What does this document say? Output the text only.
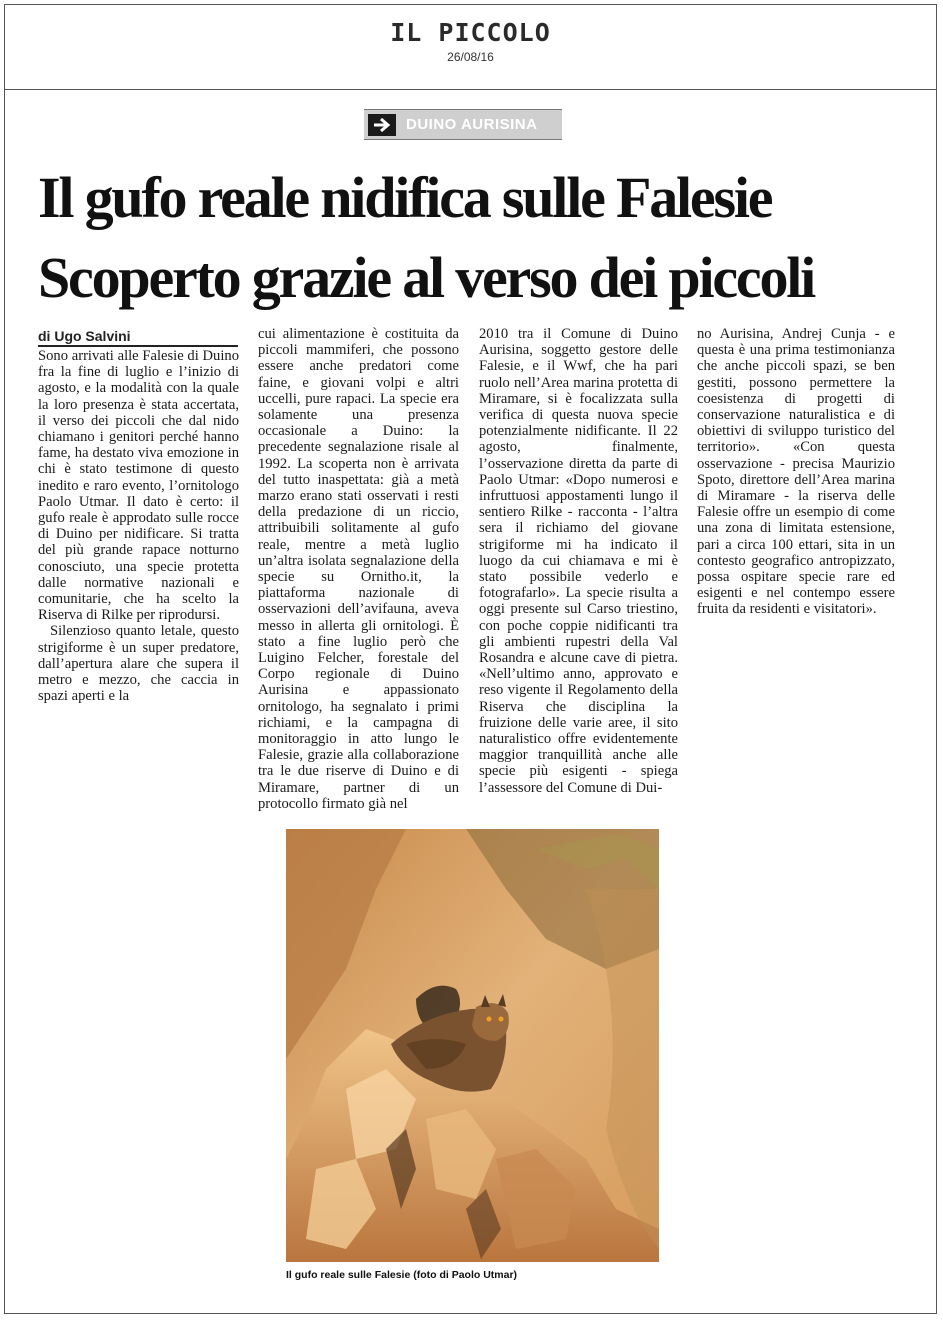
IL PICCOLO
26/08/16
DUINO AURISINA
Il gufo reale nidifica sulle Falesie
Scoperto grazie al verso dei piccoli
di Ugo Salvini

Sono arrivati alle Falesie di Duino fra la fine di luglio e l’inizio di agosto, e la modalità con la quale la loro presenza è stata accertata, il verso dei piccoli che dal nido chiamano i genitori perché hanno fame, ha destato viva emozione in chi è stato testimone di questo inedito e raro evento, l’ornitologo Paolo Utmar. Il dato è certo: il gufo reale è approdato sulle rocce di Duino per nidificare. Si tratta del più grande rapace notturno conosciuto, una specie protetta dalle normative nazionali e comunitarie, che ha scelto la Riserva di Rilke per riprodursi.

Silenzioso quanto letale, questo strigiforme è un super predatore, dall’apertura alare che supera il metro e mezzo, che caccia in spazi aperti e la

cui alimentazione è costituita da piccoli mammiferi, che possono essere anche predatori come faine, e giovani volpi e altri uccelli, pure rapaci. La specie era solamente una presenza occasionale a Duino: la precedente segnalazione risale al 1992. La scoperta non è arrivata del tutto inaspettata: già a metà marzo erano stati osservati i resti della predazione di un riccio, attribuibili solitamente al gufo reale, mentre a metà luglio un’altra isolata segnalazione della specie su Ornitho.it, la piattaforma nazionale di osservazioni dell’avifauna, aveva messo in allerta gli ornitologi. È stato a fine luglio però che Luigino Felcher, forestale del Corpo regionale di Duino Aurisina e appassionato ornitologo, ha segnalato i primi richiami, e la campagna di monitoraggio in atto lungo le Falesie, grazie alla collaborazione tra le due riserve di Duino e di Miramare, partner di un protocollo firmato già nel

2010 tra il Comune di Duino Aurisina, soggetto gestore delle Falesie, e il Wwf, che ha pari ruolo nell’Area marina protetta di Miramare, si è focalizzata sulla verifica di questa nuova specie potenzialmente nidificante. Il 22 agosto, finalmente, l’osservazione diretta da parte di Paolo Utmar: «Dopo numerosi e infruttuosi appostamenti lungo il sentiero Rilke - racconta - l’altra sera il richiamo del giovane strigiforme mi ha indicato il luogo da cui chiamava e mi è stato possibile vederlo e fotografarlo». La specie risulta a oggi presente sul Carso triestino, con poche coppie nidificanti tra gli ambienti rupestri della Val Rosandra e alcune cave di pietra. «Nell’ultimo anno, approvato e reso vigente il Regolamento della Riserva che disciplina la fruizione delle varie aree, il sito naturalistico offre evidentemente maggior tranquillità anche alle specie più esigenti - spiega l’assessore del Comune di Dui-

no Aurisina, Andrej Cunja - e questa è una prima testimonianza che anche piccoli spazi, se ben gestiti, possono permettere la coesistenza di progetti di conservazione naturalistica e di obiettivi di sviluppo turistico del territorio». «Con questa osservazione - precisa Maurizio Spoto, direttore dell’Area marina di Miramare - la riserva delle Falesie offre un esempio di come una zona di limitata estensione, pari a circa 100 ettari, sita in un contesto geografico antropizzato, possa ospitare specie rare ed esigenti e nel contempo essere fruita da residenti e visitatori».

Il gufo reale sulle Falesie (foto di Paolo Utmar)
